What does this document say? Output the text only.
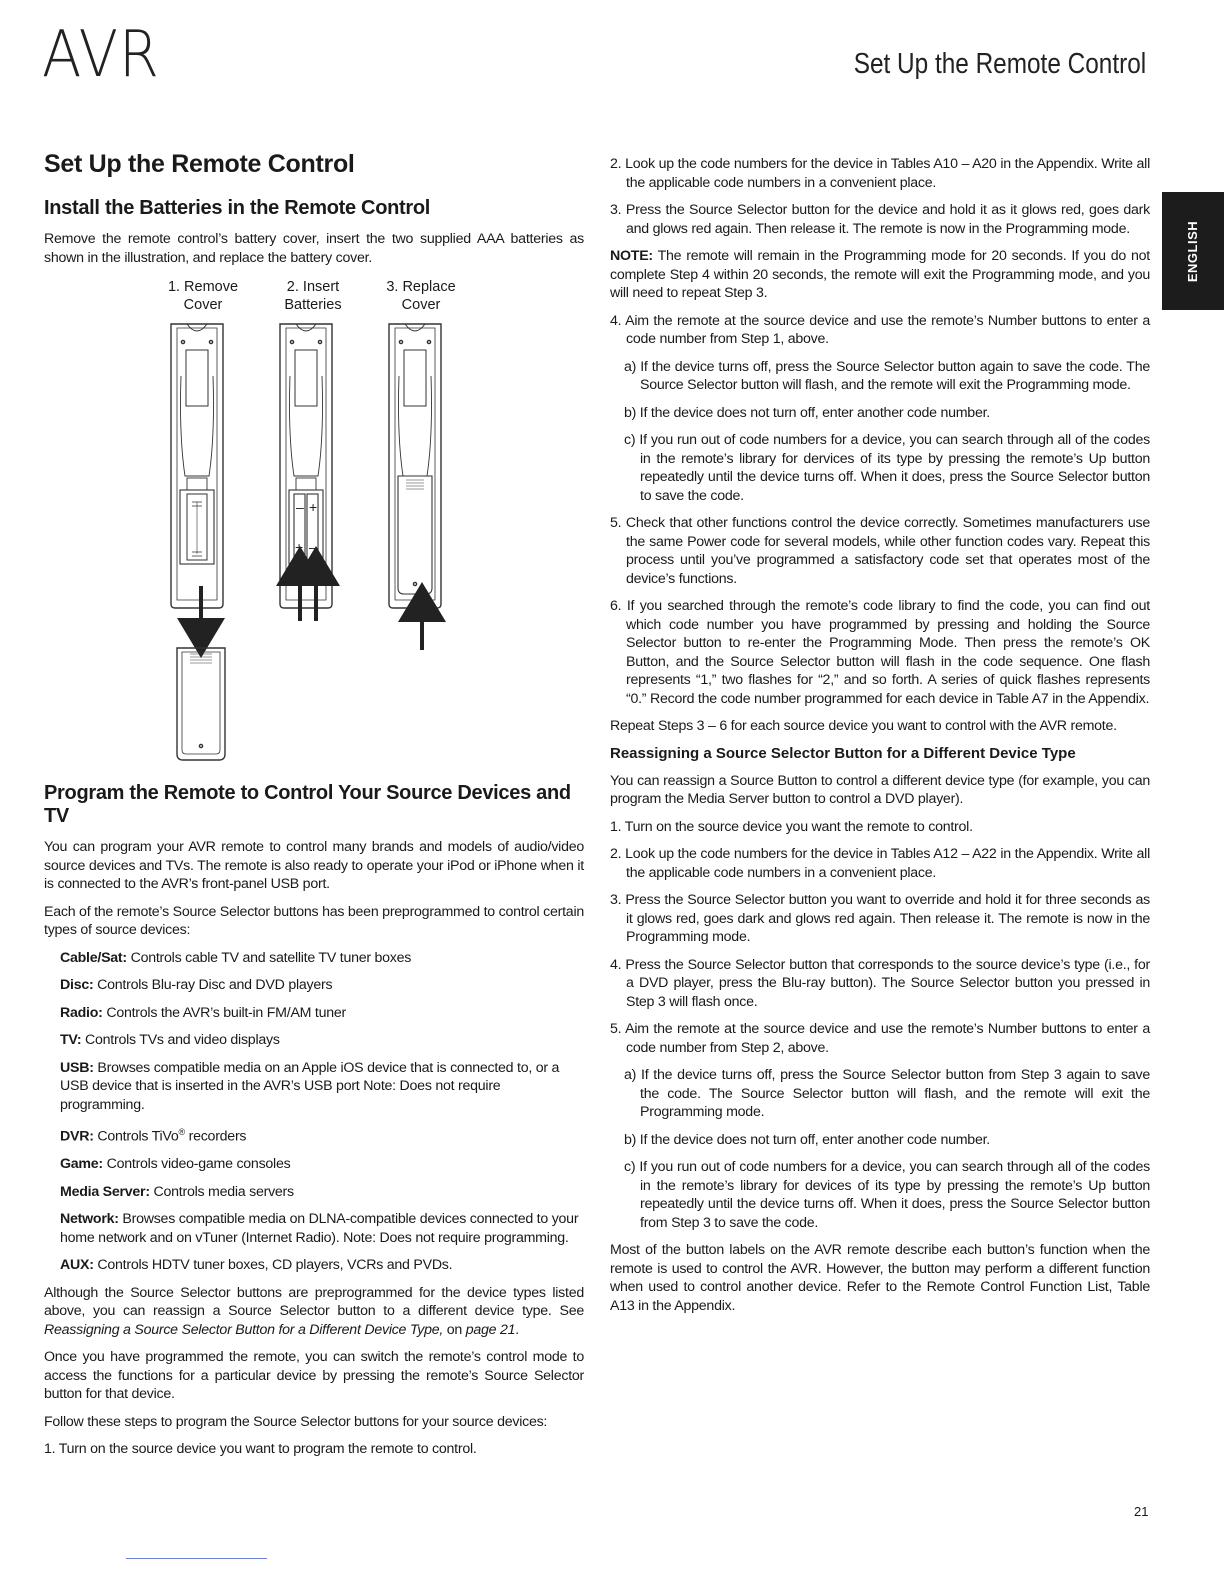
AVR	Set Up the Remote Control
ENGLISH
Set Up the Remote Control
Install the Batteries in the Remote Control

Remove the remote control’s battery cover, insert the two supplied AAA batteries as shown in the illustration, and replace the battery cover.

1. Remove
Cover
2. Insert
Batteries
3. Replace
Cover
– +
+ –
Program the Remote to Control Your Source Devices and TV

You can program your AVR remote to control many brands and models of audio/video source devices and TVs. The remote is also ready to operate your iPod or iPhone when it is connected to the AVR’s front-panel USB port.

Each of the remote’s Source Selector buttons has been preprogrammed to control certain types of source devices:

Cable/Sat: Controls cable TV and satellite TV tuner boxes

Disc: Controls Blu-ray Disc and DVD players

Radio: Controls the AVR’s built-in FM/AM tuner

TV: Controls TVs and video displays

USB: Browses compatible media on an Apple iOS device that is connected to, or a USB device that is inserted in the AVR’s USB port Note: Does not require programming.

DVR: Controls TiVo® recorders

Game: Controls video-game consoles

Media Server: Controls media servers

Network: Browses compatible media on DLNA-compatible devices connected to your home network and on vTuner (Internet Radio). Note: Does not require programming.

AUX: Controls HDTV tuner boxes, CD players, VCRs and PVDs.

Although the Source Selector buttons are preprogrammed for the device types listed above, you can reassign a Source Selector button to a different device type. See Reassigning a Source Selector Button for a Different Device Type, on page 21.

Once you have programmed the remote, you can switch the remote’s control mode to access the functions for a particular device by pressing the remote’s Source Selector button for that device.

Follow these steps to program the Source Selector buttons for your source devices:

1. Turn on the source device you want to program the remote to control.

2. Look up the code numbers for the device in Tables A10 – A20 in the Appendix. Write all the applicable code numbers in a convenient place.

3. Press the Source Selector button for the device and hold it as it glows red, goes dark and glows red again. Then release it. The remote is now in the Programming mode.

NOTE: The remote will remain in the Programming mode for 20 seconds. If you do not complete Step 4 within 20 seconds, the remote will exit the Programming mode, and you will need to repeat Step 3.

4. Aim the remote at the source device and use the remote’s Number buttons to enter a code number from Step 1, above.

a) If the device turns off, press the Source Selector button again to save the code. The Source Selector button will flash, and the remote will exit the Programming mode.

b) If the device does not turn off, enter another code number.

c) If you run out of code numbers for a device, you can search through all of the codes in the remote’s library for dervices of its type by pressing the remote’s Up button repeatedly until the device turns off. When it does, press the Source Selector button to save the code.

5. Check that other functions control the device correctly. Sometimes manufacturers use the same Power code for several models, while other function codes vary. Repeat this process until you’ve programmed a satisfactory code set that operates most of the device’s functions.

6. If you searched through the remote’s code library to find the code, you can find out which code number you have programmed by pressing and holding the Source Selector button to re-enter the Programming Mode. Then press the remote’s OK Button, and the Source Selector button will flash in the code sequence. One flash represents “1,” two flashes for “2,” and so forth. A series of quick flashes represents “0.” Record the code number programmed for each device in Table A7 in the Appendix.

Repeat Steps 3 – 6 for each source device you want to control with the AVR remote.

Reassigning a Source Selector Button for a Different Device Type

You can reassign a Source Button to control a different device type (for example, you can program the Media Server button to control a DVD player).

1. Turn on the source device you want the remote to control.

2. Look up the code numbers for the device in Tables A12 – A22 in the Appendix. Write all the applicable code numbers in a convenient place.

3. Press the Source Selector button you want to override and hold it for three seconds as it glows red, goes dark and glows red again. Then release it. The remote is now in the Programming mode.

4. Press the Source Selector button that corresponds to the source device’s type (i.e., for a DVD player, press the Blu-ray button). The Source Selector button you pressed in Step 3 will flash once.

5. Aim the remote at the source device and use the remote’s Number buttons to enter a code number from Step 2, above.

a) If the device turns off, press the Source Selector button from Step 3 again to save the code. The Source Selector button will flash, and the remote will exit the Programming mode.

b) If the device does not turn off, enter another code number.

c) If you run out of code numbers for a device, you can search through all of the codes in the remote’s library for devices of its type by pressing the remote’s Up button repeatedly until the device turns off. When it does, press the Source Selector button from Step 3 to save the code.

Most of the button labels on the AVR remote describe each button’s function when the remote is used to control the AVR. However, the button may perform a different function when used to control another device. Refer to the Remote Control Function List, Table A13 in the Appendix.

21
